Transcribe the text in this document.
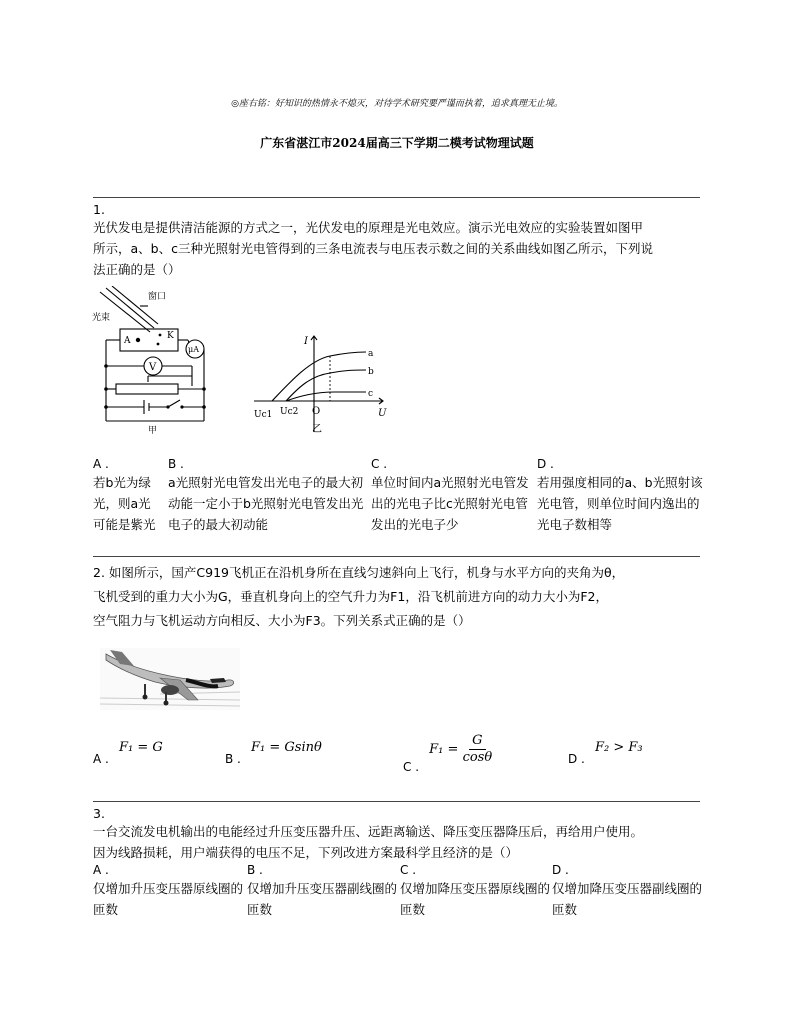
◎座右铭：好知识的热情永不熄灭，对待学术研究要严谨而执着，追求真理无止境。
广东省湛江市2024届高三下学期二模考试物理试题
1.
光伏发电是提供清洁能源的方式之一，光伏发电的原理是光电效应。演示光电效应的实验装置如图甲
所示，a、b、c三种光照射光电管得到的三条电流表与电压表示数之间的关系曲线如图乙所示，下列说
法正确的是（）
窗口
光束
A	K
V
μA
甲
I
U
O
Uc1 Uc2
a
b
c
乙
A .
若b光为绿光，则a光可能是紫光
B .
a光照射光电管发出光电子的最大初动能一定小于b光照射光电管发出光电子的最大初动能
C .
单位时间内a光照射光电管发出的光电子比c光照射光电管发出的光电子少
D .
若用强度相同的a、b光照射该光电管，则单位时间内逸出的光电子数相等
2. 如图所示，国产C919飞机正在沿机身所在直线匀速斜向上飞行，机身与水平方向的夹角为θ，
飞机受到的重力大小为G，垂直机身向上的空气升力为F1，沿飞机前进方向的动力大小为F2，
空气阻力与飞机运动方向相反、大小为F3。下列关系式正确的是（）
A . F₁ = G
B . F₁ = Gsinθ
C . $F_1 = \frac{G}{\cos\theta}$	D . F₂ > F₃
3.
一台交流发电机输出的电能经过升压变压器升压、远距离输送、降压变压器降压后，再给用户使用。
因为线路损耗，用户端获得的电压不足，下列改进方案最科学且经济的是（）
A .
仅增加升压变压器原线圈的匝数
B .
仅增加升压变压器副线圈的匝数
C .
仅增加降压变压器原线圈的匝数
D .
仅增加降压变压器副线圈的匝数
